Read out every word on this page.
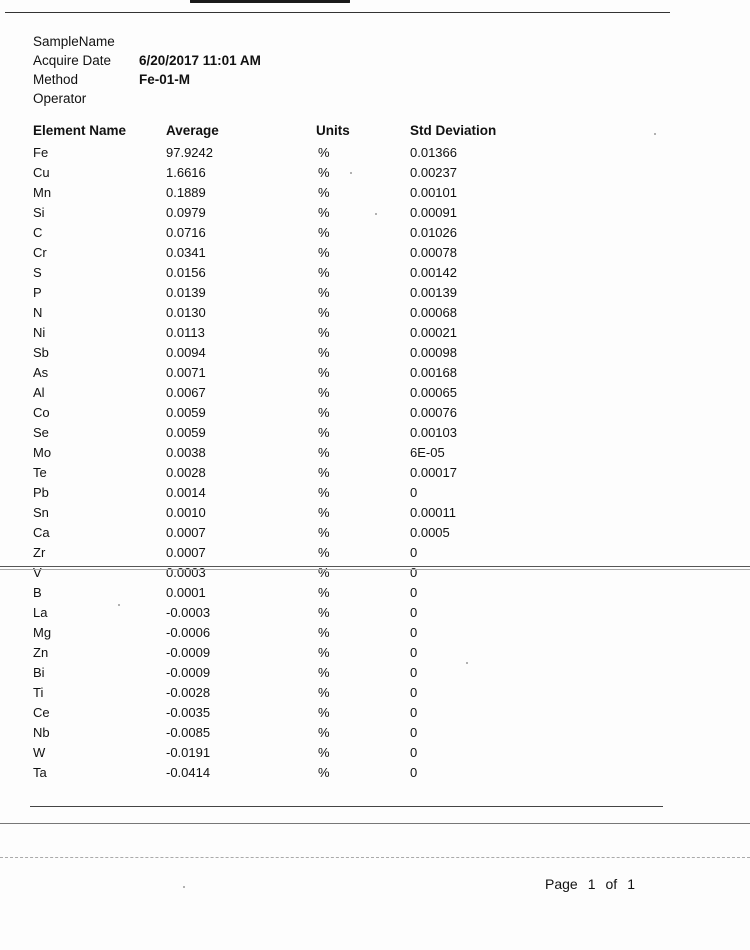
SampleName
Acquire Date	6/20/2017 11:01 AM
Method	Fe-01-M
Operator
Element Name	Average	Units	Std Deviation
Fe	97.9242	%	0.01366
Cu	1.6616	%	0.00237
Mn	0.1889	%	0.00101
Si	0.0979	%	0.00091
C	0.0716	%	0.01026
Cr	0.0341	%	0.00078
S	0.0156	%	0.00142
P	0.0139	%	0.00139
N	0.0130	%	0.00068
Ni	0.0113	%	0.00021
Sb	0.0094	%	0.00098
As	0.0071	%	0.00168
Al	0.0067	%	0.00065
Co	0.0059	%	0.00076
Se	0.0059	%	0.00103
Mo	0.0038	%	6E-05
Te	0.0028	%	0.00017
Pb	0.0014	%	0
Sn	0.0010	%	0.00011
Ca	0.0007	%	0.0005
Zr	0.0007	%	0
V	0.0003	%	0
B	0.0001	%	0
La	-0.0003	%	0
Mg	-0.0006	%	0
Zn	-0.0009	%	0
Bi	-0.0009	%	0
Ti	-0.0028	%	0
Ce	-0.0035	%	0
Nb	-0.0085	%	0
W	-0.0191	%	0
Ta	-0.0414	%	0
Page 1 of 1
